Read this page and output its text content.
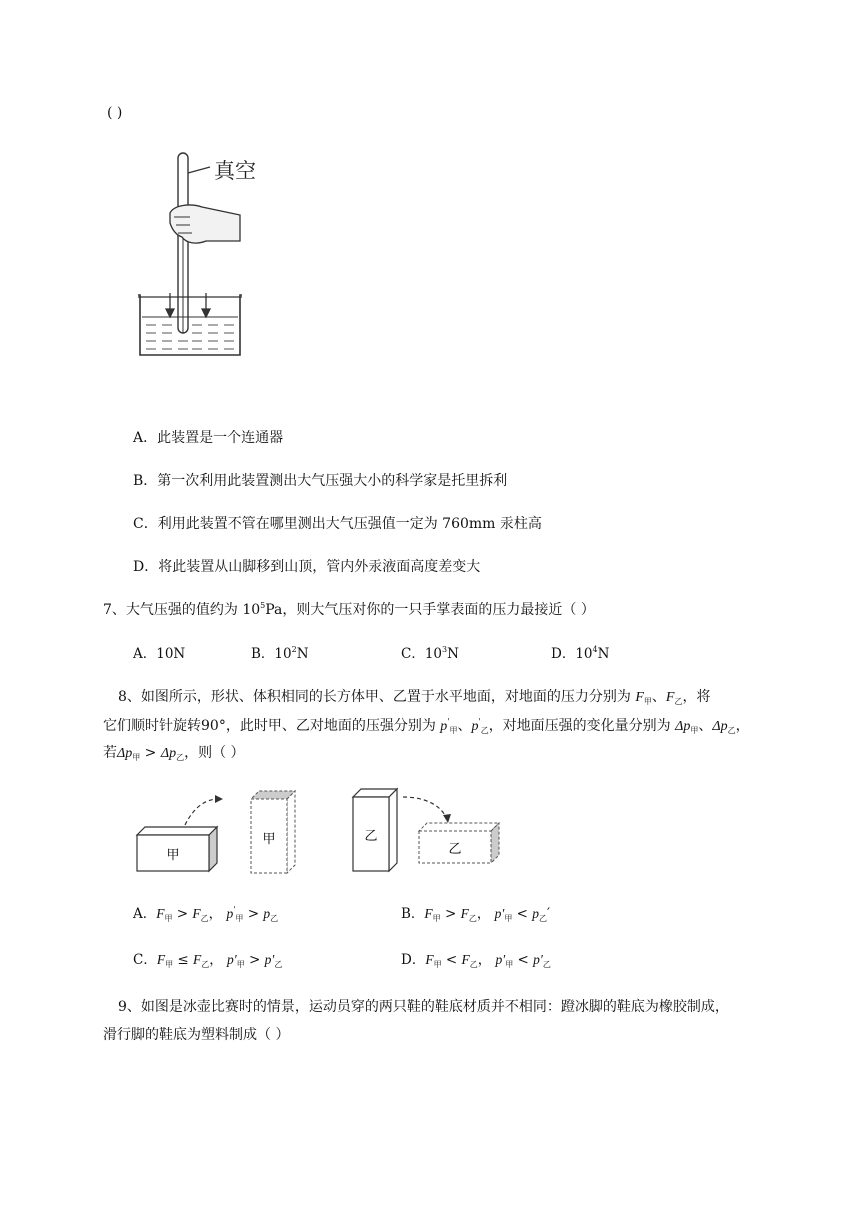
( )
真空
A．此装置是一个连通器
B．第一次利用此装置测出大气压强大小的科学家是托里拆利
C．利用此装置不管在哪里测出大气压强值一定为 760mm 汞柱高
D．将此装置从山脚移到山顶，管内外汞液面高度差变大
7、大气压强的值约为 $10^5Pa$，则大气压对你的一只手掌表面的压力最接近（ ）
A．10N	B．$10^2N$	C．$10^3N$	D．$10^4N$
8、如图所示，形状、体积相同的长方体甲、乙置于水平地面，对地面的压力分别为 $F_甲$、$F_乙$，将
它们顺时针旋转90°，此时甲、乙对地面的压强分别为 $p'_甲$、$p'_乙$，对地面压强的变化量分别为 $\Delta p_甲$、$\Delta p_乙$，
若$\Delta p_甲 > \Delta p_乙$，则（ ）
甲
甲	乙
乙
A．$F_甲 > F_乙$， $p'_甲 > p_乙$	B．$F_甲 > F_乙$， $p'_甲 < p_乙'$
C．$F_甲 \le F_乙$， $p'_甲 > p'_乙$	D．$F_甲 < F_乙$， $p'_甲 < p'_乙$
9、如图是冰壶比赛时的情景，运动员穿的两只鞋的鞋底材质并不相同：蹬冰脚的鞋底为橡胶制成，
滑行脚的鞋底为塑料制成（ ）
